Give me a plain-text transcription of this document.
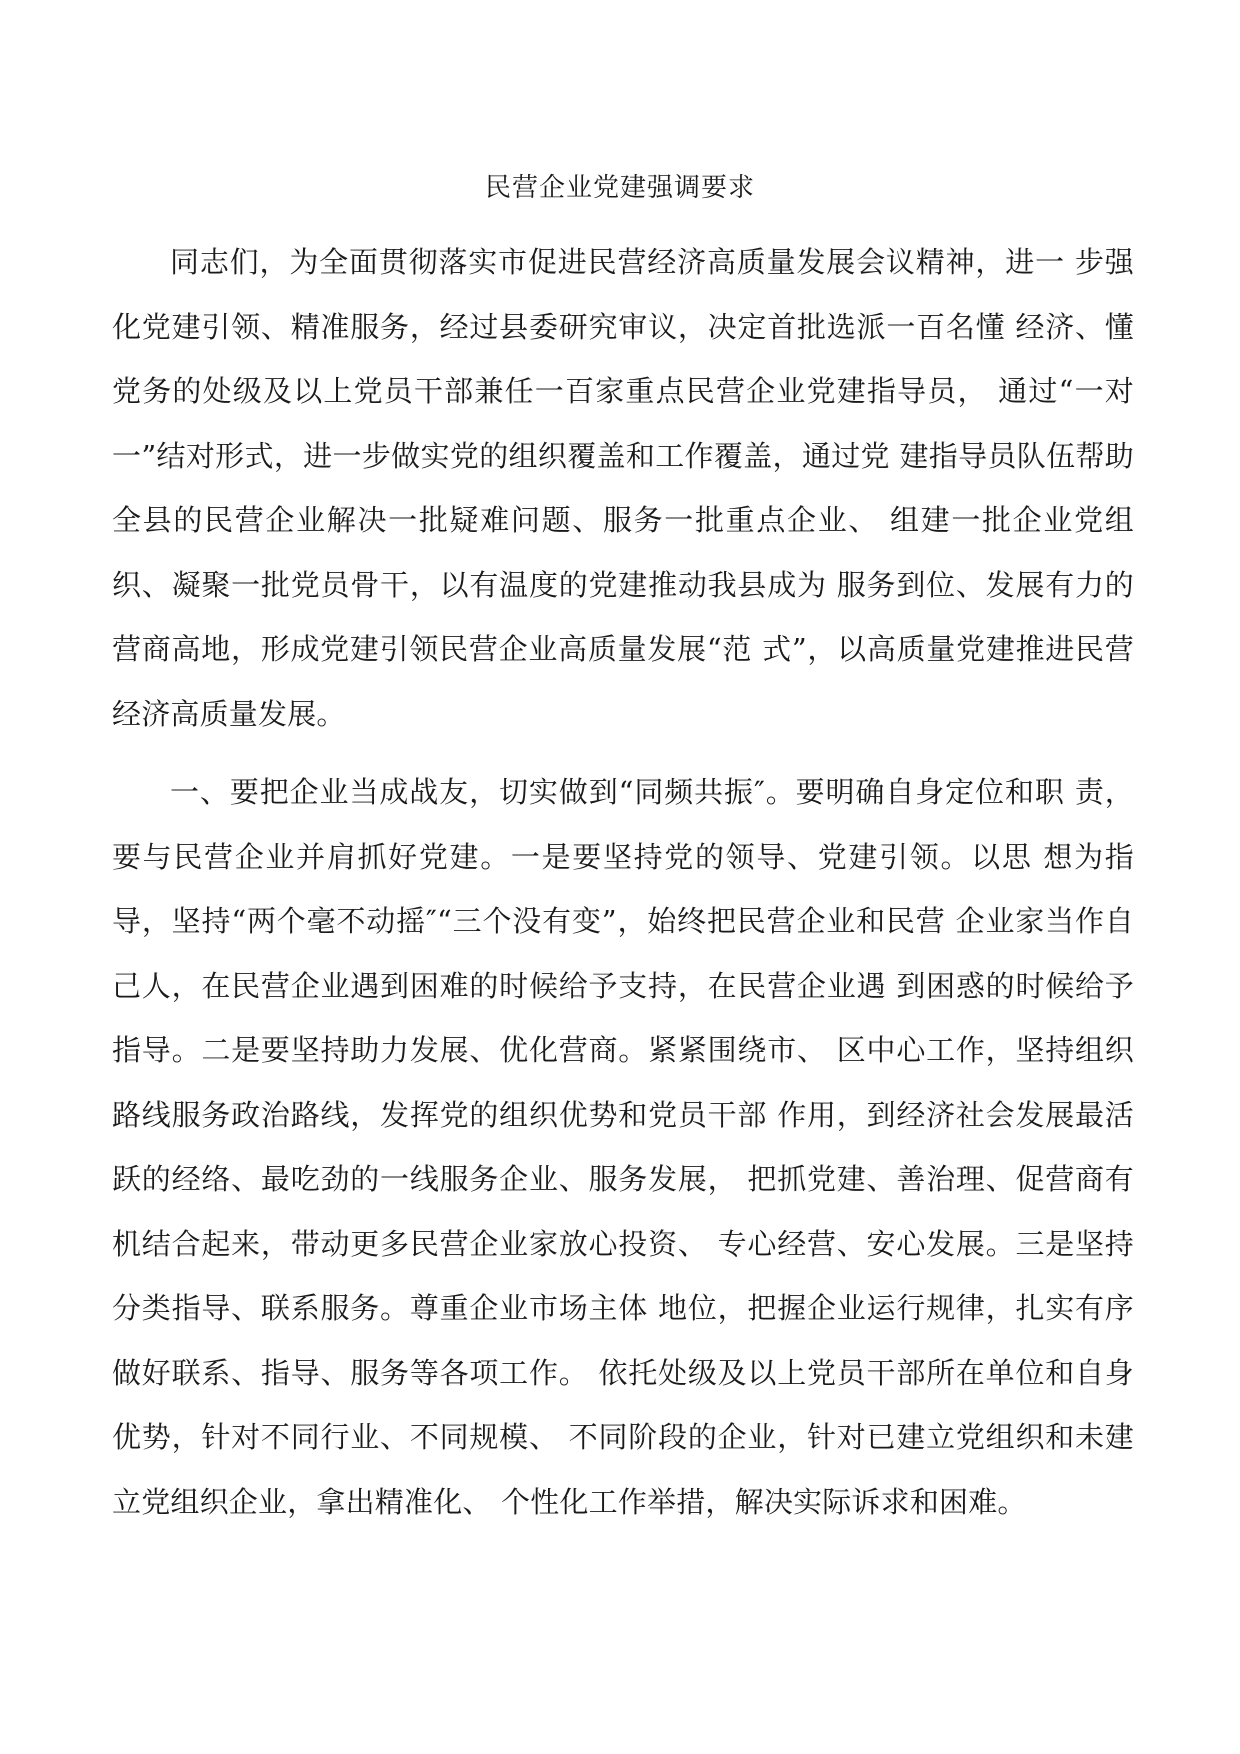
民营企业党建强调要求

同志们，为全面贯彻落实市促进民营经济高质量发展会议精神，进一 步强化党建引领、精准服务，经过县委研究审议，决定首批选派一百名懂 经济、懂党务的处级及以上党员干部兼任一百家重点民营企业党建指导员， 通过“一对一”结对形式，进一步做实党的组织覆盖和工作覆盖，通过党 建指导员队伍帮助全县的民营企业解决一批疑难问题、服务一批重点企业、 组建一批企业党组织、凝聚一批党员骨干，以有温度的党建推动我县成为 服务到位、发展有力的营商高地，形成党建引领民营企业高质量发展“范 式”，以高质量党建推进民营经济高质量发展。

一、要把企业当成战友，切实做到“同频共振″。要明确自身定位和职 责，要与民营企业并肩抓好党建。一是要坚持党的领导、党建引领。以思 想为指导，坚持“两个毫不动摇″“三个没有变”，始终把民营企业和民营 企业家当作自己人，在民营企业遇到困难的时候给予支持，在民营企业遇 到困惑的时候给予指导。二是要坚持助力发展、优化营商。紧紧围绕市、 区中心工作，坚持组织路线服务政治路线，发挥党的组织优势和党员干部 作用，到经济社会发展最活跃的经络、最吃劲的一线服务企业、服务发展， 把抓党建、善治理、促营商有机结合起来，带动更多民营企业家放心投资、 专心经营、安心发展。三是坚持分类指导、联系服务。尊重企业市场主体 地位，把握企业运行规律，扎实有序做好联系、指导、服务等各项工作。 依托处级及以上党员干部所在单位和自身优势，针对不同行业、不同规模、 不同阶段的企业，针对已建立党组织和未建立党组织企业，拿出精准化、 个性化工作举措，解决实际诉求和困难。
